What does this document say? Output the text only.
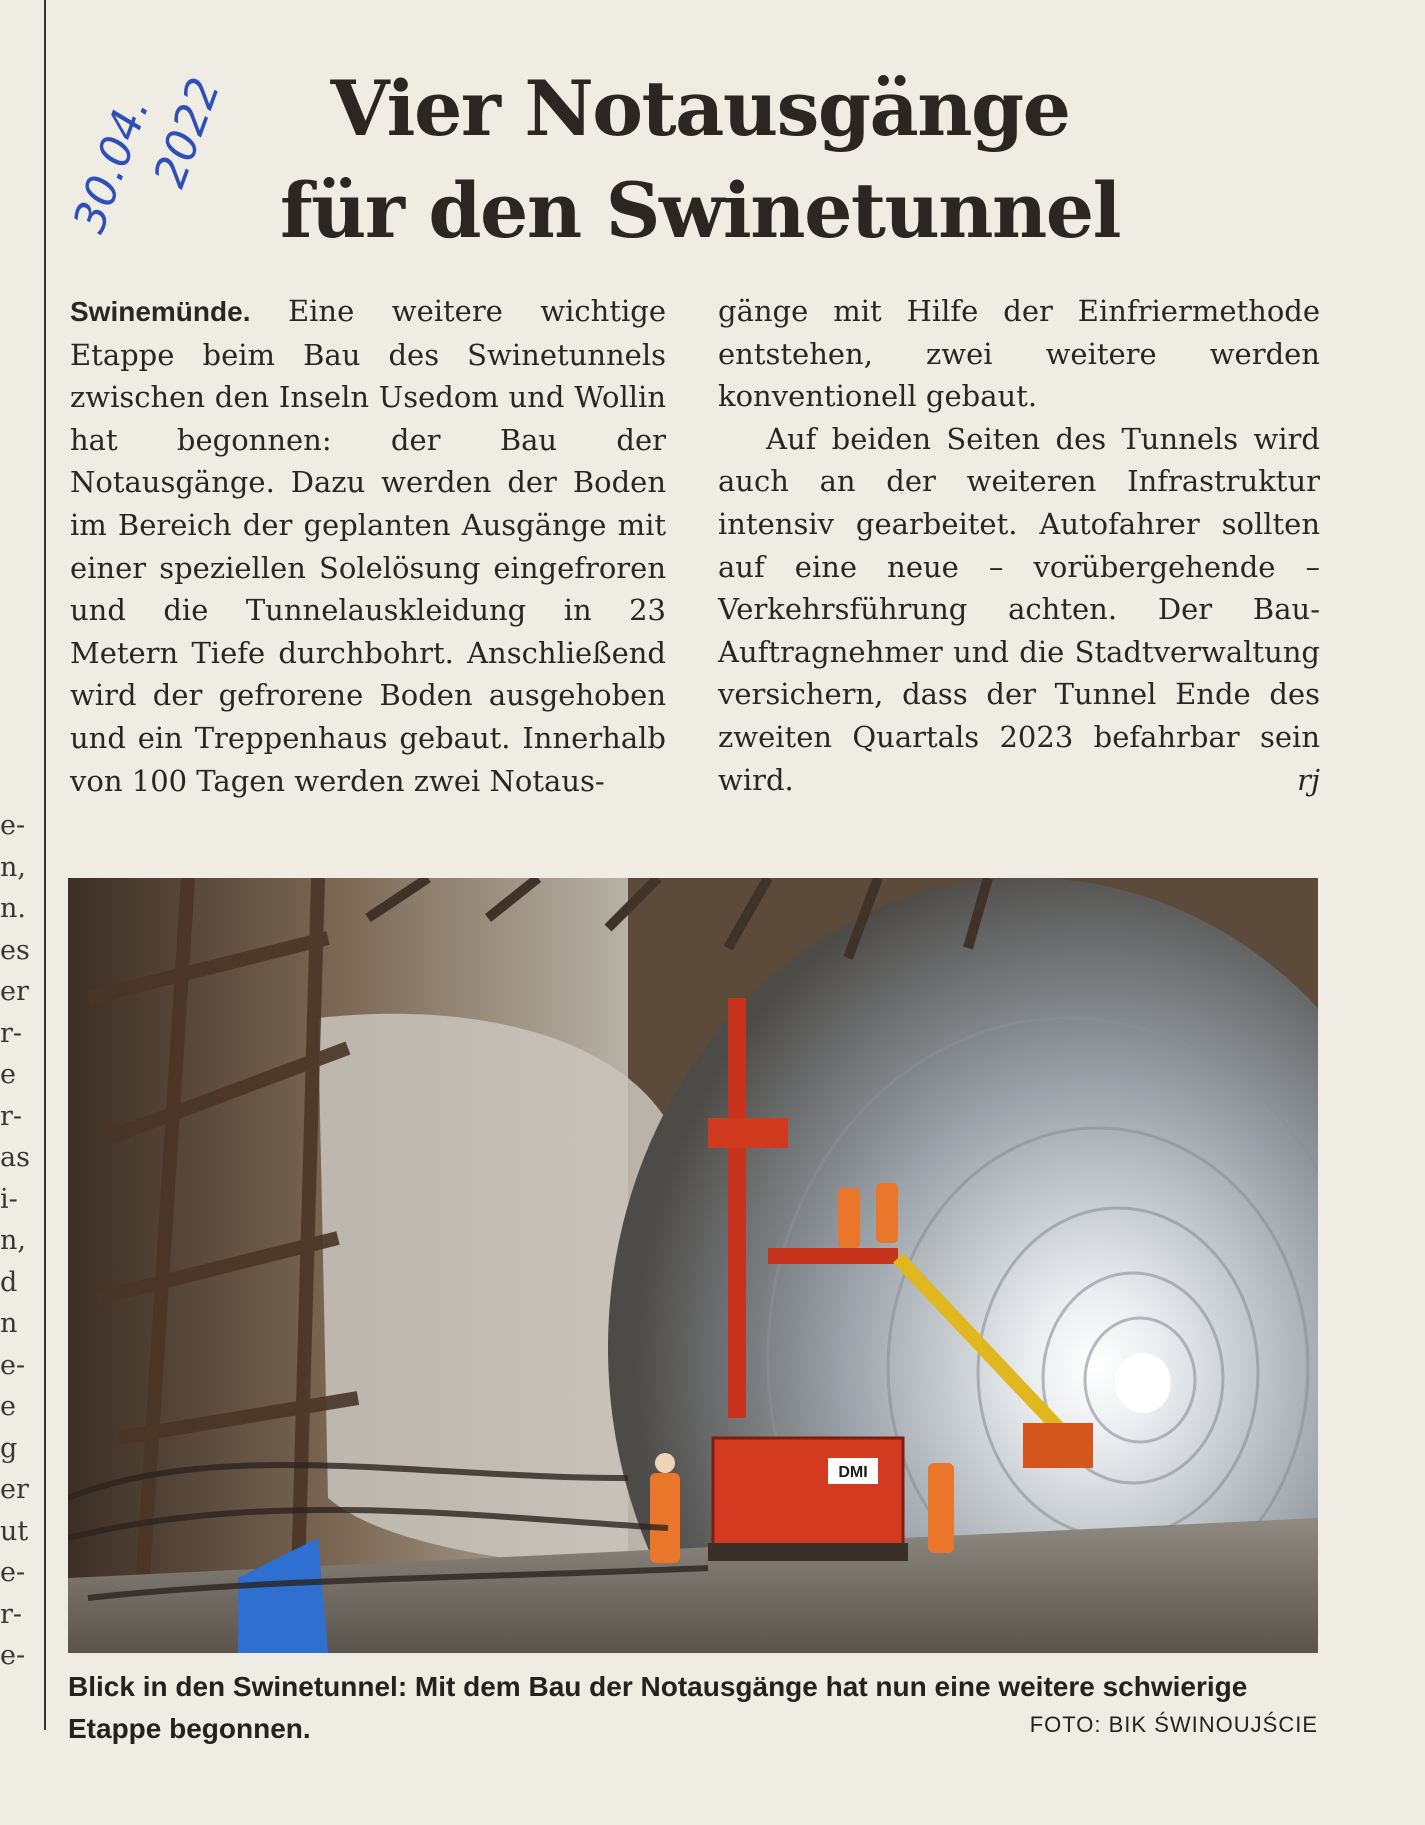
e-
n,
n.
es
er
r-
e
r-
as
i-
n,
d
n
e-
e
g
er
ut
e-
r-
e-
30.04.
2022	Vier Notausgänge
für den Swinetunnel

Swinemünde. Eine weitere wichtige Etappe beim Bau des Swinetunnels zwischen den Inseln Usedom und Wollin hat begonnen: der Bau der Notausgänge. Dazu werden der Boden im Bereich der geplanten Ausgänge mit einer speziellen Solelösung eingefroren und die Tunnelauskleidung in 23 Metern Tiefe durchbohrt. Anschließend wird der gefrorene Boden ausgehoben und ein Treppenhaus gebaut. Innerhalb von 100 Tagen werden zwei Notaus-

gänge mit Hilfe der Einfriermethode entstehen, zwei weitere werden konventionell gebaut.

Auf beiden Seiten des Tunnels wird auch an der weiteren Infrastruktur intensiv gearbeitet. Autofahrer sollten auf eine neue – vorübergehende – Verkehrsführung achten. Der Bau-Auftragnehmer und die Stadtverwaltung versichern, dass der Tunnel Ende des zweiten Quartals 2023 befahrbar sein wird.	rj
DMI
Blick in den Swinetunnel: Mit dem Bau der Notausgänge hat nun eine weitere schwierige Etappe begonnen.	FOTO: BIK ŚWINOUJŚCIE
